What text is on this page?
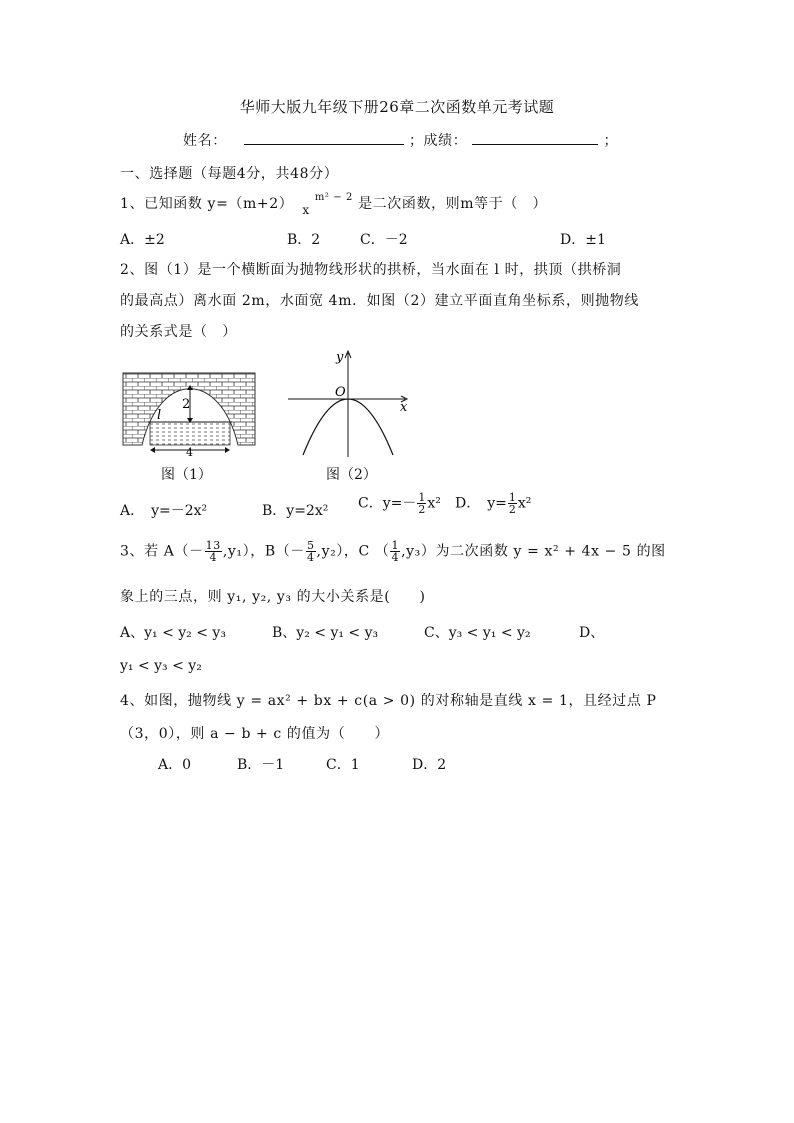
华师大版九年级下册26章二次函数单元考试题
姓名：	；成绩：	；
一、选择题（每题4分，共48分）
1、已知函数 y=（m+2） x $^{m^2 - 2}$ 是二次函数，则m等于（　）
A．±2	B．2	C．－2	D．±1
2、图（1）是一个横断面为抛物线形状的拱桥，当水面在 l 时，拱顶（拱桥洞
的最高点）离水面 2m，水面宽 4m．如图（2）建立平面直角坐标系，则抛物线
的关系式是（　）
2
4
l
图（1）
y
x
O
图（2）
A．　y=－2x²	B．y=2x² C．$y=- \frac{1}{2} x^2$ D．　$y= \frac{1}{2} x^2$
3、若 $A(- \frac{13}{4} ,y_1)$，$B(- \frac{5}{4} ,y_2)$，C （ $\frac{1}{4} ,y_3$）为二次函数 y = x² + 4x − 5 的图
象上的三点，则 y₁, y₂, y₃ 的大小关系是(　　)
A、y₁ < y₂ < y₃	B、y₂ < y₁ < y₃	C、y₃ < y₁ < y₂	D、
y₁ < y₃ < y₂
4、如图，抛物线 y = ax² + bx + c(a > 0) 的对称轴是直线 x = 1，且经过点 P
（3，0），则 a − b + c 的值为（　　）
A．0	B．－1	C．1	D．2
